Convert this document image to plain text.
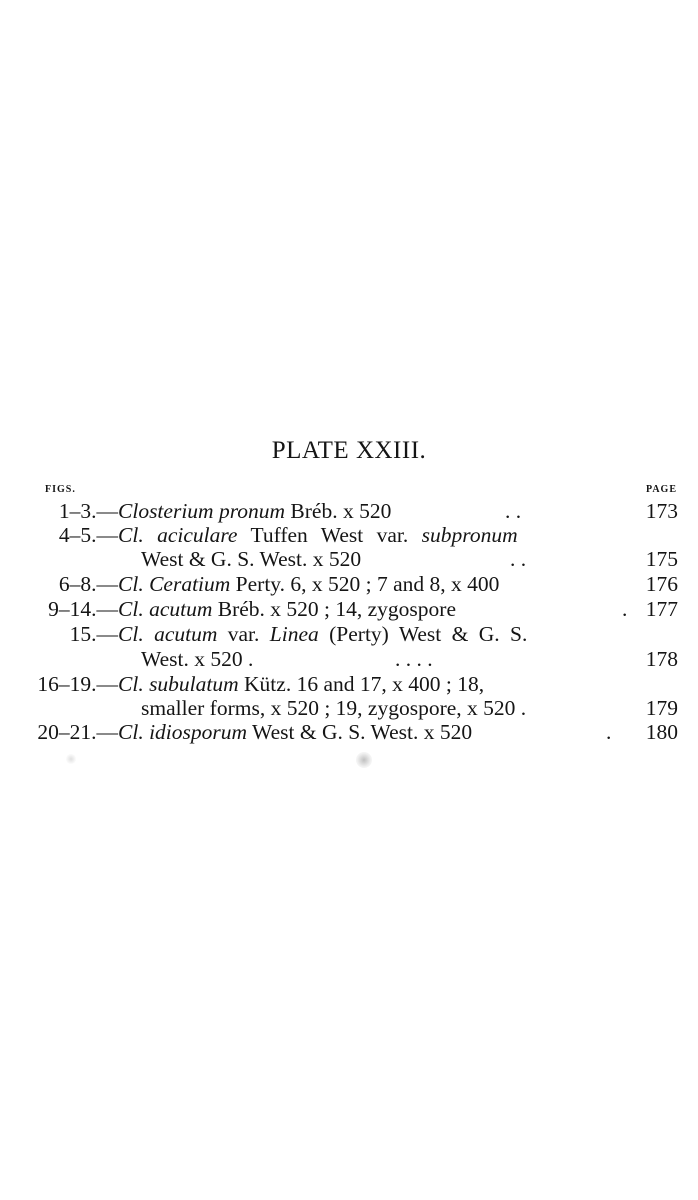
PLATE XXIII.
FIGS.	PAGE
1–3.— Closterium pronum Bréb. x 520	. .	173
4–5.— Cl. aciculare Tuffen West var. subpronum
West & G. S. West. x 520	. .	175
6–8.— Cl. Ceratium Perty. 6, x 520 ; 7 and 8, x 400	176
9–14.— Cl. acutum Bréb. x 520 ; 14, zygospore	. 177
15.— Cl. acutum var. Linea (Perty) West & G. S.
West. x 520 .	. . . .	178
16–19.— Cl. subulatum Kütz. 16 and 17, x 400 ; 18,
smaller forms, x 520 ; 19, zygospore, x 520 .	179
20–21.— Cl. idiosporum West & G. S. West. x 520	. 180
